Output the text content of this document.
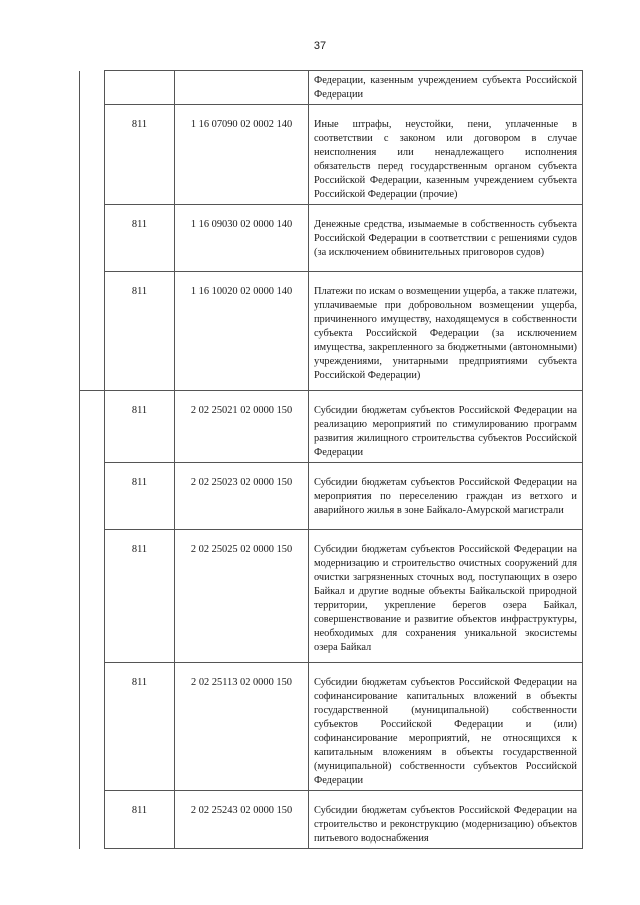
37
			Федерации, казенным учреждением субъекта Российской Федерации
	811	1 16 07090 02 0002 140	Иные штрафы, неустойки, пени, уплаченные в соответствии с законом или договором в случае неисполнения или ненадлежащего исполнения обязательств перед государственным органом субъекта Российской Федерации, казенным учреждением субъекта Российской Федерации (прочие)
	811	1 16 09030 02 0000 140	Денежные средства, изымаемые в собственность субъекта Российской Федерации в соответствии с решениями судов (за исключением обвинительных приговоров судов)
	811	1 16 10020 02 0000 140	Платежи по искам о возмещении ущерба, а также платежи, уплачиваемые при добровольном возмещении ущерба, причиненного имуществу, находящемуся в собственности субъекта Российской Федерации (за исключением имущества, закрепленного за бюджетными (автономными) учреждениями, унитарными предприятиями субъекта Российской Федерации)
	811	2 02 25021 02 0000 150	Субсидии бюджетам субъектов Российской Федерации на реализацию мероприятий по стимулированию программ развития жилищного строительства субъектов Российской Федерации
	811	2 02 25023 02 0000 150	Субсидии бюджетам субъектов Российской Федерации на мероприятия по переселению граждан из ветхого и аварийного жилья в зоне Байкало-Амурской магистрали
	811	2 02 25025 02 0000 150	Субсидии бюджетам субъектов Российской Федерации на модернизацию и строительство очистных сооружений для очистки загрязненных сточных вод, поступающих в озеро Байкал и другие водные объекты Байкальской природной территории, укрепление берегов озера Байкал, совершенствование и развитие объектов инфраструктуры, необходимых для сохранения уникальной экосистемы озера Байкал
	811	2 02 25113 02 0000 150	Субсидии бюджетам субъектов Российской Федерации на софинансирование капитальных вложений в объекты государственной (муниципальной) собственности субъектов Российской Федерации и (или) софинансирование мероприятий, не относящихся к капитальным вложениям в объекты государственной (муниципальной) собственности субъектов Российской Федерации
	811	2 02 25243 02 0000 150	Субсидии бюджетам субъектов Российской Федерации на строительство и реконструкцию (модернизацию) объектов питьевого водоснабжения
